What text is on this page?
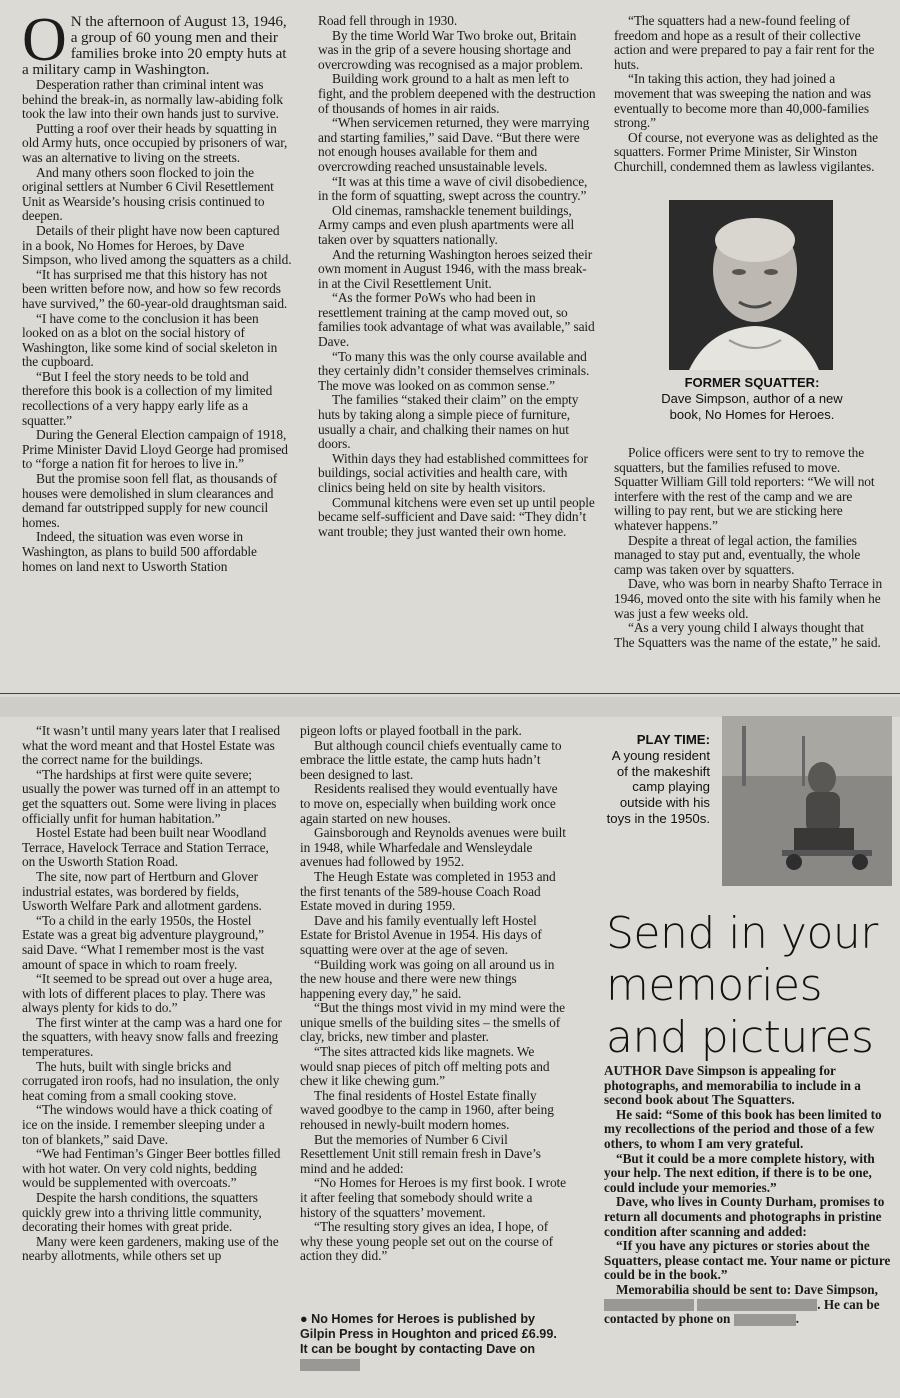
O N the afternoon of August 13, 1946, a group of 60 young men and their families broke into 20 empty huts at a military camp in Washington.

Desperation rather than criminal intent was behind the break-in, as normally law-abiding folk took the law into their own hands just to survive.

Putting a roof over their heads by squatting in old Army huts, once occupied by prisoners of war, was an alternative to living on the streets.

And many others soon flocked to join the original settlers at Number 6 Civil Resettlement Unit as Wearside’s housing crisis continued to deepen.

Details of their plight have now been captured in a book, No Homes for Heroes, by Dave Simpson, who lived among the squatters as a child.

“It has surprised me that this history has not been written before now, and how so few records have survived,” the 60-year-old draughtsman said.

“I have come to the conclusion it has been looked on as a blot on the social history of Washington, like some kind of social skeleton in the cupboard.

“But I feel the story needs to be told and therefore this book is a collection of my limited recollections of a very happy early life as a squatter.”

During the General Election campaign of 1918, Prime Minister David Lloyd George had promised to “forge a nation fit for heroes to live in.”

But the promise soon fell flat, as thousands of houses were demolished in slum clearances and demand far outstripped supply for new council homes.

Indeed, the situation was even worse in Washington, as plans to build 500 affordable homes on land next to Usworth Station

Road fell through in 1930.

By the time World War Two broke out, Britain was in the grip of a severe housing shortage and overcrowding was recognised as a major problem.

Building work ground to a halt as men left to fight, and the problem deepened with the destruction of thousands of homes in air raids.

“When servicemen returned, they were marrying and starting families,” said Dave. “But there were not enough houses available for them and overcrowding reached unsustainable levels.

“It was at this time a wave of civil disobedience, in the form of squatting, swept across the country.”

Old cinemas, ramshackle tenement buildings, Army camps and even plush apartments were all taken over by squatters nationally.

And the returning Washington heroes seized their own moment in August 1946, with the mass break-in at the Civil Resettlement Unit.

“As the former PoWs who had been in resettlement training at the camp moved out, so families took advantage of what was available,” said Dave.

“To many this was the only course available and they certainly didn’t consider themselves criminals. The move was looked on as common sense.”

The families “staked their claim” on the empty huts by taking along a simple piece of furniture, usually a chair, and chalking their names on hut doors.

Within days they had established committees for buildings, social activities and health care, with clinics being held on site by health visitors.

Communal kitchens were even set up until people became self-sufficient and Dave said: “They didn’t want trouble; they just wanted their own home.

“The squatters had a new-found feeling of freedom and hope as a result of their collective action and were prepared to pay a fair rent for the huts.

“In taking this action, they had joined a movement that was sweeping the nation and was eventually to become more than 40,000-families strong.”

Of course, not everyone was as delighted as the squatters. Former Prime Minister, Sir Winston Churchill, condemned them as lawless vigilantes.

FORMER SQUATTER:
Dave Simpson, author of a new book, No Homes for Heroes.

Police officers were sent to try to remove the squatters, but the families refused to move. Squatter William Gill told reporters: “We will not interfere with the rest of the camp and we are willing to pay rent, but we are sticking here whatever happens.”

Despite a threat of legal action, the families managed to stay put and, eventually, the whole camp was taken over by squatters.

Dave, who was born in nearby Shafto Terrace in 1946, moved onto the site with his family when he was just a few weeks old.

“As a very young child I always thought that The Squatters was the name of the estate,” he said.

“It wasn’t until many years later that I realised what the word meant and that Hostel Estate was the correct name for the buildings.

“The hardships at first were quite severe; usually the power was turned off in an attempt to get the squatters out. Some were living in places officially unfit for human habitation.”

Hostel Estate had been built near Woodland Terrace, Havelock Terrace and Station Terrace, on the Usworth Station Road.

The site, now part of Hertburn and Glover industrial estates, was bordered by fields, Usworth Welfare Park and allotment gardens.

“To a child in the early 1950s, the Hostel Estate was a great big adventure playground,” said Dave. “What I remember most is the vast amount of space in which to roam freely.

“It seemed to be spread out over a huge area, with lots of different places to play. There was always plenty for kids to do.”

The first winter at the camp was a hard one for the squatters, with heavy snow falls and freezing temperatures.

The huts, built with single bricks and corrugated iron roofs, had no insulation, the only heat coming from a small cooking stove.

“The windows would have a thick coating of ice on the inside. I remember sleeping under a ton of blankets,” said Dave.

“We had Fentiman’s Ginger Beer bottles filled with hot water. On very cold nights, bedding would be supplemented with overcoats.”

Despite the harsh conditions, the squatters quickly grew into a thriving little community, decorating their homes with great pride.

Many were keen gardeners, making use of the nearby allotments, while others set up

pigeon lofts or played football in the park.

But although council chiefs eventually came to embrace the little estate, the camp huts hadn’t been designed to last.

Residents realised they would eventually have to move on, especially when building work once again started on new houses.

Gainsborough and Reynolds avenues were built in 1948, while Wharfedale and Wensleydale avenues had followed by 1952.

The Heugh Estate was completed in 1953 and the first tenants of the 589-house Coach Road Estate moved in during 1959.

Dave and his family eventually left Hostel Estate for Bristol Avenue in 1954. His days of squatting were over at the age of seven.

“Building work was going on all around us in the new house and there were new things happening every day,” he said.

“But the things most vivid in my mind were the unique smells of the building sites – the smells of clay, bricks, new timber and plaster.

“The sites attracted kids like magnets. We would snap pieces of pitch off melting pots and chew it like chewing gum.”

The final residents of Hostel Estate finally waved goodbye to the camp in 1960, after being rehoused in newly-built modern homes.

But the memories of Number 6 Civil Resettlement Unit still remain fresh in Dave’s mind and he added:

“No Homes for Heroes is my first book. I wrote it after feeling that somebody should write a history of the squatters’ movement.

“The resulting story gives an idea, I hope, of why these young people set out on the course of action they did.”

● No Homes for Heroes is published by Gilpin Press in Houghton and priced £6.99. It can be bought by contacting Dave on
PLAY TIME:
A young resident of the makeshift camp playing outside with his toys in the 1950s.
Send in your memories and pictures

AUTHOR Dave Simpson is appealing for photographs, and memorabilia to include in a second book about The Squatters.

He said: “Some of this book has been limited to my recollections of the period and those of a few others, to whom I am very grateful.

“But it could be a more complete history, with your help. The next edition, if there is to be one, could include your memories.”

Dave, who lives in County Durham, promises to return all documents and photographs in pristine condition after scanning and added:

“If you have any pictures or stories about the Squatters, please contact me. Your name or picture could be in the book.”

Memorabilia should be sent to: Dave Simpson,  . He can be contacted by phone on	.
